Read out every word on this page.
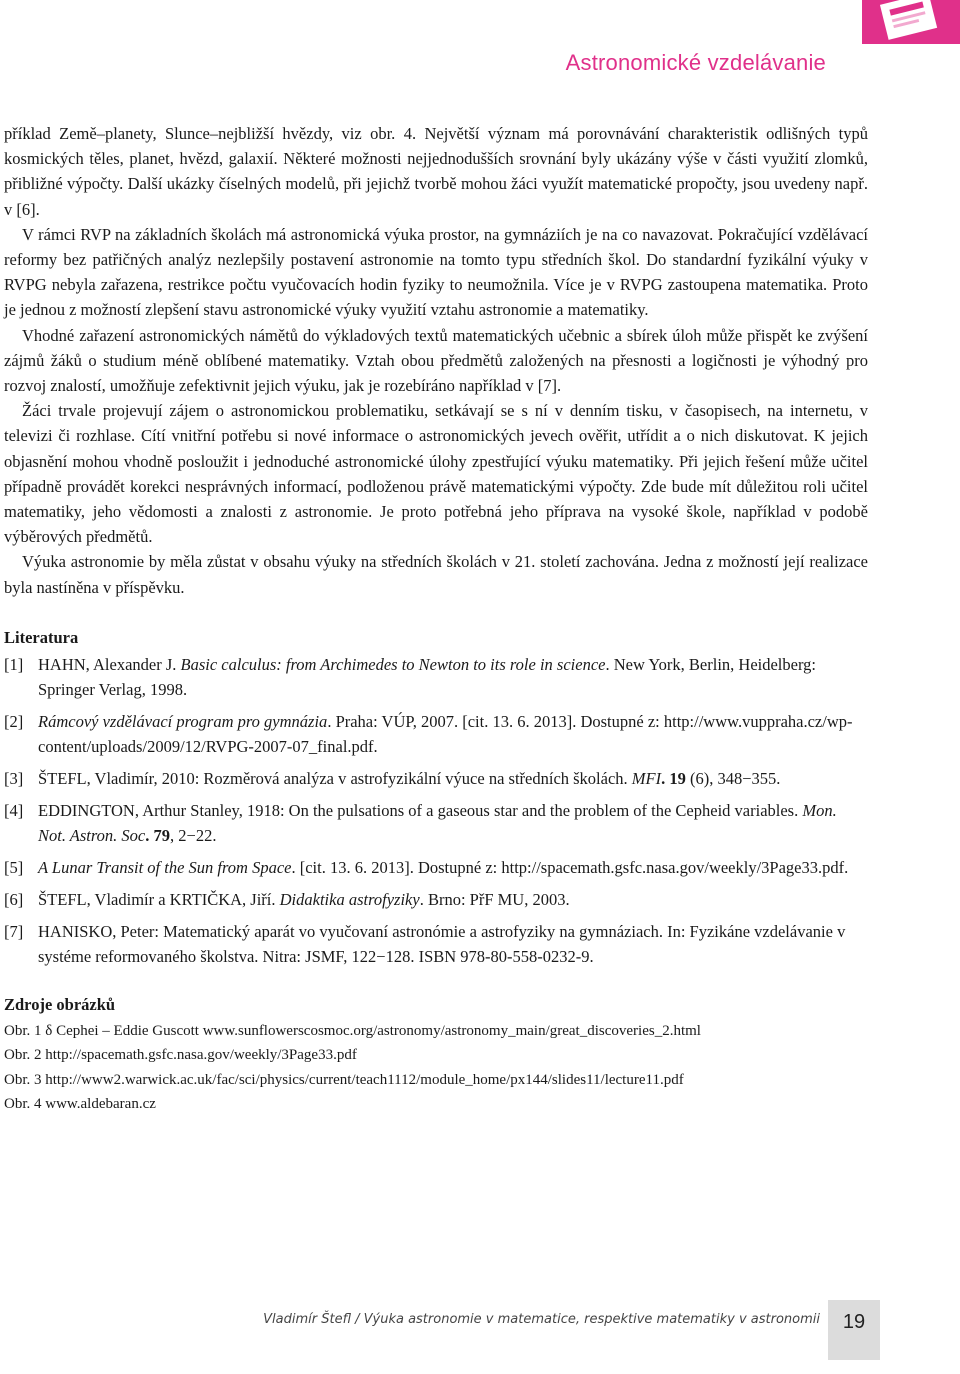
Astronomické vzdelávanie

příklad Země–planety, Slunce–nejbližší hvězdy, viz obr. 4. Největší význam má porovnávání charakteristik odlišných typů kosmických těles, planet, hvězd, galaxií. Některé možnosti nejjednodušších srovnání byly ukázány výše v části využití zlomků, přibližné výpočty. Další ukázky číselných modelů, při jejichž tvorbě mohou žáci využít matematické propočty, jsou uvedeny např. v [6].

V rámci RVP na základních školách má astronomická výuka prostor, na gymnáziích je na co navazovat. Pokračující vzdělávací reformy bez patřičných analýz nezlepšily postavení astronomie na tomto typu středních škol. Do standardní fyzikální výuky v RVPG nebyla zařazena, restrikce počtu vyučovacích hodin fyziky to neumožnila. Více je v RVPG zastoupena matematika. Proto je jednou z možností zlepšení stavu astronomické výuky využití vztahu astronomie a matematiky.

Vhodné zařazení astronomických námětů do výkladových textů matematických učebnic a sbírek úloh může přispět ke zvýšení zájmů žáků o studium méně oblíbené matematiky. Vztah obou předmětů založených na přesnosti a logičnosti je výhodný pro rozvoj znalostí, umožňuje zefektivnit jejich výuku, jak je rozebíráno například v [7].

Žáci trvale projevují zájem o astronomickou problematiku, setkávají se s ní v denním tisku, v časopisech, na internetu, v televizi či rozhlase. Cítí vnitřní potřebu si nové informace o astronomických jevech ověřit, utřídit a o nich diskutovat. K jejich objasnění mohou vhodně posloužit i jednoduché astronomické úlohy zpestřující výuku matematiky. Při jejich řešení může učitel případně provádět korekci nesprávných informací, podloženou právě matematickými výpočty. Zde bude mít důležitou roli učitel matematiky, jeho vědomosti a znalosti z astronomie. Je proto potřebná jeho příprava na vysoké škole, například v podobě výběrových předmětů.

Výuka astronomie by měla zůstat v obsahu výuky na středních školách v 21. století zachována. Jedna z možností její realizace byla nastíněna v příspěvku.

Literatura
[1] HAHN, Alexander J. Basic calculus: from Archimedes to Newton to its role in science. New York, Berlin, Heidelberg: Springer Verlag, 1998.
[2] Rámcový vzdělávací program pro gymnázia. Praha: VÚP, 2007. [cit. 13. 6. 2013]. Dostupné z: http://www.vuppraha.cz/wp-content/uploads/2009/12/RVPG-2007-07_final.pdf.
[3] ŠTEFL, Vladimír, 2010: Rozměrová analýza v astrofyzikální výuce na středních školách. MFI. 19 (6), 348−355.
[4] EDDINGTON, Arthur Stanley, 1918: On the pulsations of a gaseous star and the problem of the Cepheid variables. Mon. Not. Astron. Soc. 79, 2−22.
[5] A Lunar Transit of the Sun from Space. [cit. 13. 6. 2013]. Dostupné z: http://spacemath.gsfc.nasa.gov/weekly/3Page33.pdf.
[6] ŠTEFL, Vladimír a KRTIČKA, Jiří. Didaktika astrofyziky. Brno: PřF MU, 2003.
[7] HANISKO, Peter: Matematický aparát vo vyučovaní astronómie a astrofyziky na gymnáziach. In: Fyzikáne vzdelávanie v systéme reformovaného školstva. Nitra: JSMF, 122−128. ISBN 978-80-558-0232-9.
Zdroje obrázků
Obr. 1 δ Cephei – Eddie Guscott www.sunflowerscosmoc.org/astronomy/astronomy_main/great_discoveries_2.html
Obr. 2 http://spacemath.gsfc.nasa.gov/weekly/3Page33.pdf
Obr. 3 http://www2.warwick.ac.uk/fac/sci/physics/current/teach1112/module_home/px144/slides11/lecture11.pdf
Obr. 4 www.aldebaran.cz
Vladimír Štefl / Výuka astronomie v matematice, respektive matematiky v astronomii	19
